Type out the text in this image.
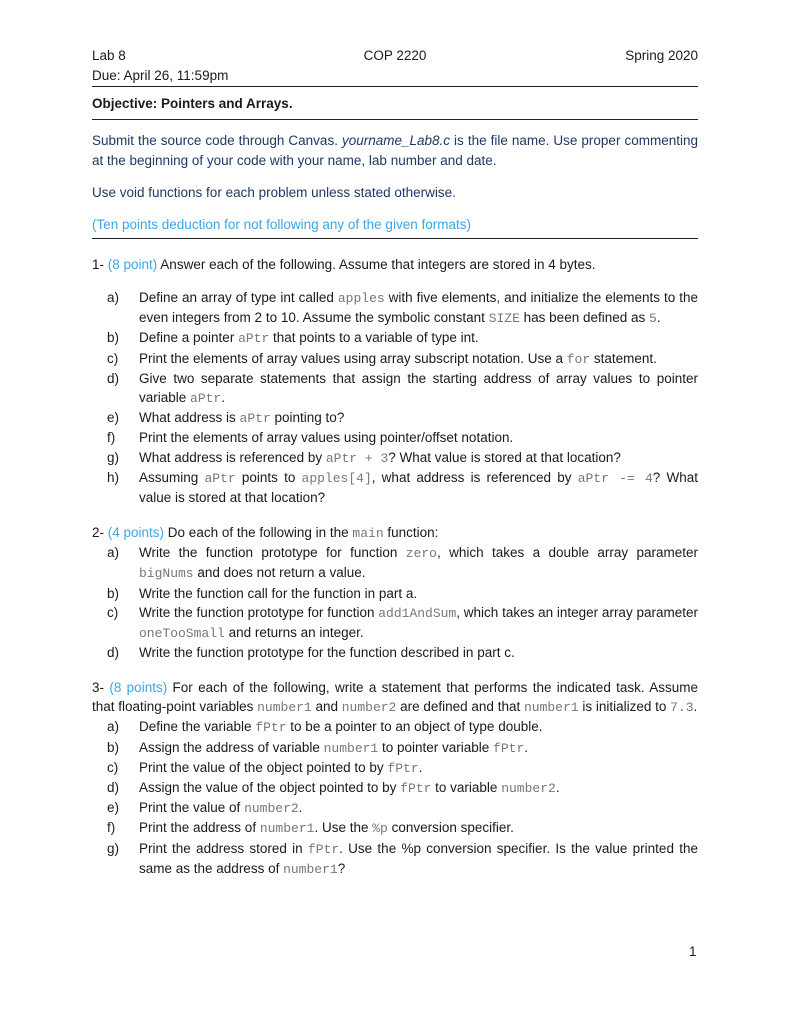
Lab 8	COP 2220	Spring 2020
Due: April 26, 11:59pm
Objective: Pointers and Arrays.

Submit the source code through Canvas. yourname_Lab8.c is the file name. Use proper commenting at the beginning of your code with your name, lab number and date.

Use void functions for each problem unless stated otherwise.

(Ten points deduction for not following any of the given formats)

1- (8 point) Answer each of the following. Assume that integers are stored in 4 bytes.
a) Define an array of type int called apples with five elements, and initialize the elements to the even integers from 2 to 10. Assume the symbolic constant SIZE has been defined as 5.
b) Define a pointer aPtr that points to a variable of type int.
c) Print the elements of array values using array subscript notation. Use a for statement.
d) Give two separate statements that assign the starting address of array values to pointer variable aPtr.
e) What address is aPtr pointing to?
f) Print the elements of array values using pointer/offset notation.
g) What address is referenced by aPtr + 3? What value is stored at that location?
h) Assuming aPtr points to apples[4], what address is referenced by aPtr -= 4? What value is stored at that location?
2- (4 points) Do each of the following in the main function:
a) Write the function prototype for function zero, which takes a double array parameter bigNums and does not return a value.
b) Write the function call for the function in part a.
c) Write the function prototype for function add1AndSum, which takes an integer array parameter oneTooSmall and returns an integer.
d) Write the function prototype for the function described in part c.
3- (8 points) For each of the following, write a statement that performs the indicated task. Assume that floating-point variables number1 and number2 are defined and that number1 is initialized to 7.3.
a) Define the variable fPtr to be a pointer to an object of type double.
b) Assign the address of variable number1 to pointer variable fPtr.
c) Print the value of the object pointed to by fPtr.
d) Assign the value of the object pointed to by fPtr to variable number2.
e) Print the value of number2.
f) Print the address of number1. Use the %p conversion specifier.
g) Print the address stored in fPtr. Use the %p conversion specifier. Is the value printed the same as the address of number1?
1
